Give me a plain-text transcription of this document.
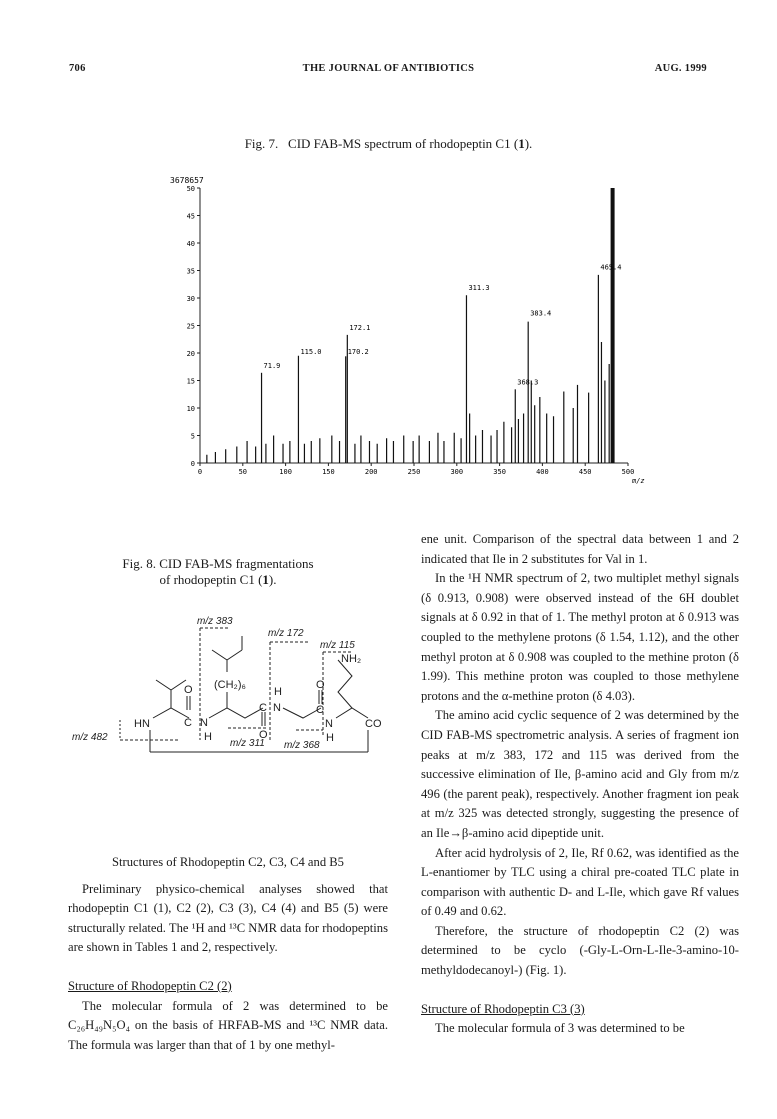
706	THE JOURNAL OF ANTIBIOTICS	AUG. 1999
Fig. 7. CID FAB-MS spectrum of rhodopeptin C1 (1).
3678657
0
5
10
15
20
25
30
35
40
45
50
0	50	100	150	200	250	300	350	400	450	500
71.9
115.0	170.2
172.1
311.3
368.3
383.4
465.4
m/z
Fig. 8. CID FAB-MS fragmentations
of rhodopeptin C1 (1).
m/z 383
m/z 172
m/z 115
m/z 482
m/z 311 m/z 368
NH₂
(CH₂)₆
HN	CO
O
C N
H
C
O
N
H
O
C
N
H

Structures of Rhodopeptin C2, C3, C4 and B5

Preliminary physico-chemical analyses showed that rhodopeptin C1 (1), C2 (2), C3 (3), C4 (4) and B5 (5) were structurally related. The ¹H and ¹³C NMR data for rhodopeptins are shown in Tables 1 and 2, respectively.

Structure of Rhodopeptin C2 (2)

The molecular formula of 2 was determined to be C₂₆H₄₉N₅O₄ on the basis of HRFAB-MS and ¹³C NMR data. The formula was larger than that of 1 by one methyl-

ene unit. Comparison of the spectral data between 1 and 2 indicated that Ile in 2 substitutes for Val in 1.

In the ¹H NMR spectrum of 2, two multiplet methyl signals (δ 0.913, 0.908) were observed instead of the 6H doublet signals at δ 0.92 in that of 1. The methyl proton at δ 0.913 was coupled to the methylene protons (δ 1.54, 1.12), and the other methyl proton at δ 0.908 was coupled to the methine proton (δ 1.99). This methine proton was coupled to those methylene protons and the α-methine proton (δ 4.03).

The amino acid cyclic sequence of 2 was determined by the CID FAB-MS spectrometric analysis. A series of fragment ion peaks at m/z 383, 172 and 115 was derived from the successive elimination of Ile, β-amino acid and Gly from m/z 496 (the parent peak), respectively. Another fragment ion peak at m/z 325 was detected strongly, suggesting the presence of an Ile→β-amino acid dipeptide unit.

After acid hydrolysis of 2, Ile, Rf 0.62, was identified as the L-enantiomer by TLC using a chiral pre-coated TLC plate in comparison with authentic D- and L-Ile, which gave Rf values of 0.49 and 0.62.

Therefore, the structure of rhodopeptin C2 (2) was determined to be cyclo (-Gly-L-Orn-L-Ile-3-amino-10-methyldodecanoyl-) (Fig. 1).

Structure of Rhodopeptin C3 (3)

The molecular formula of 3 was determined to be
